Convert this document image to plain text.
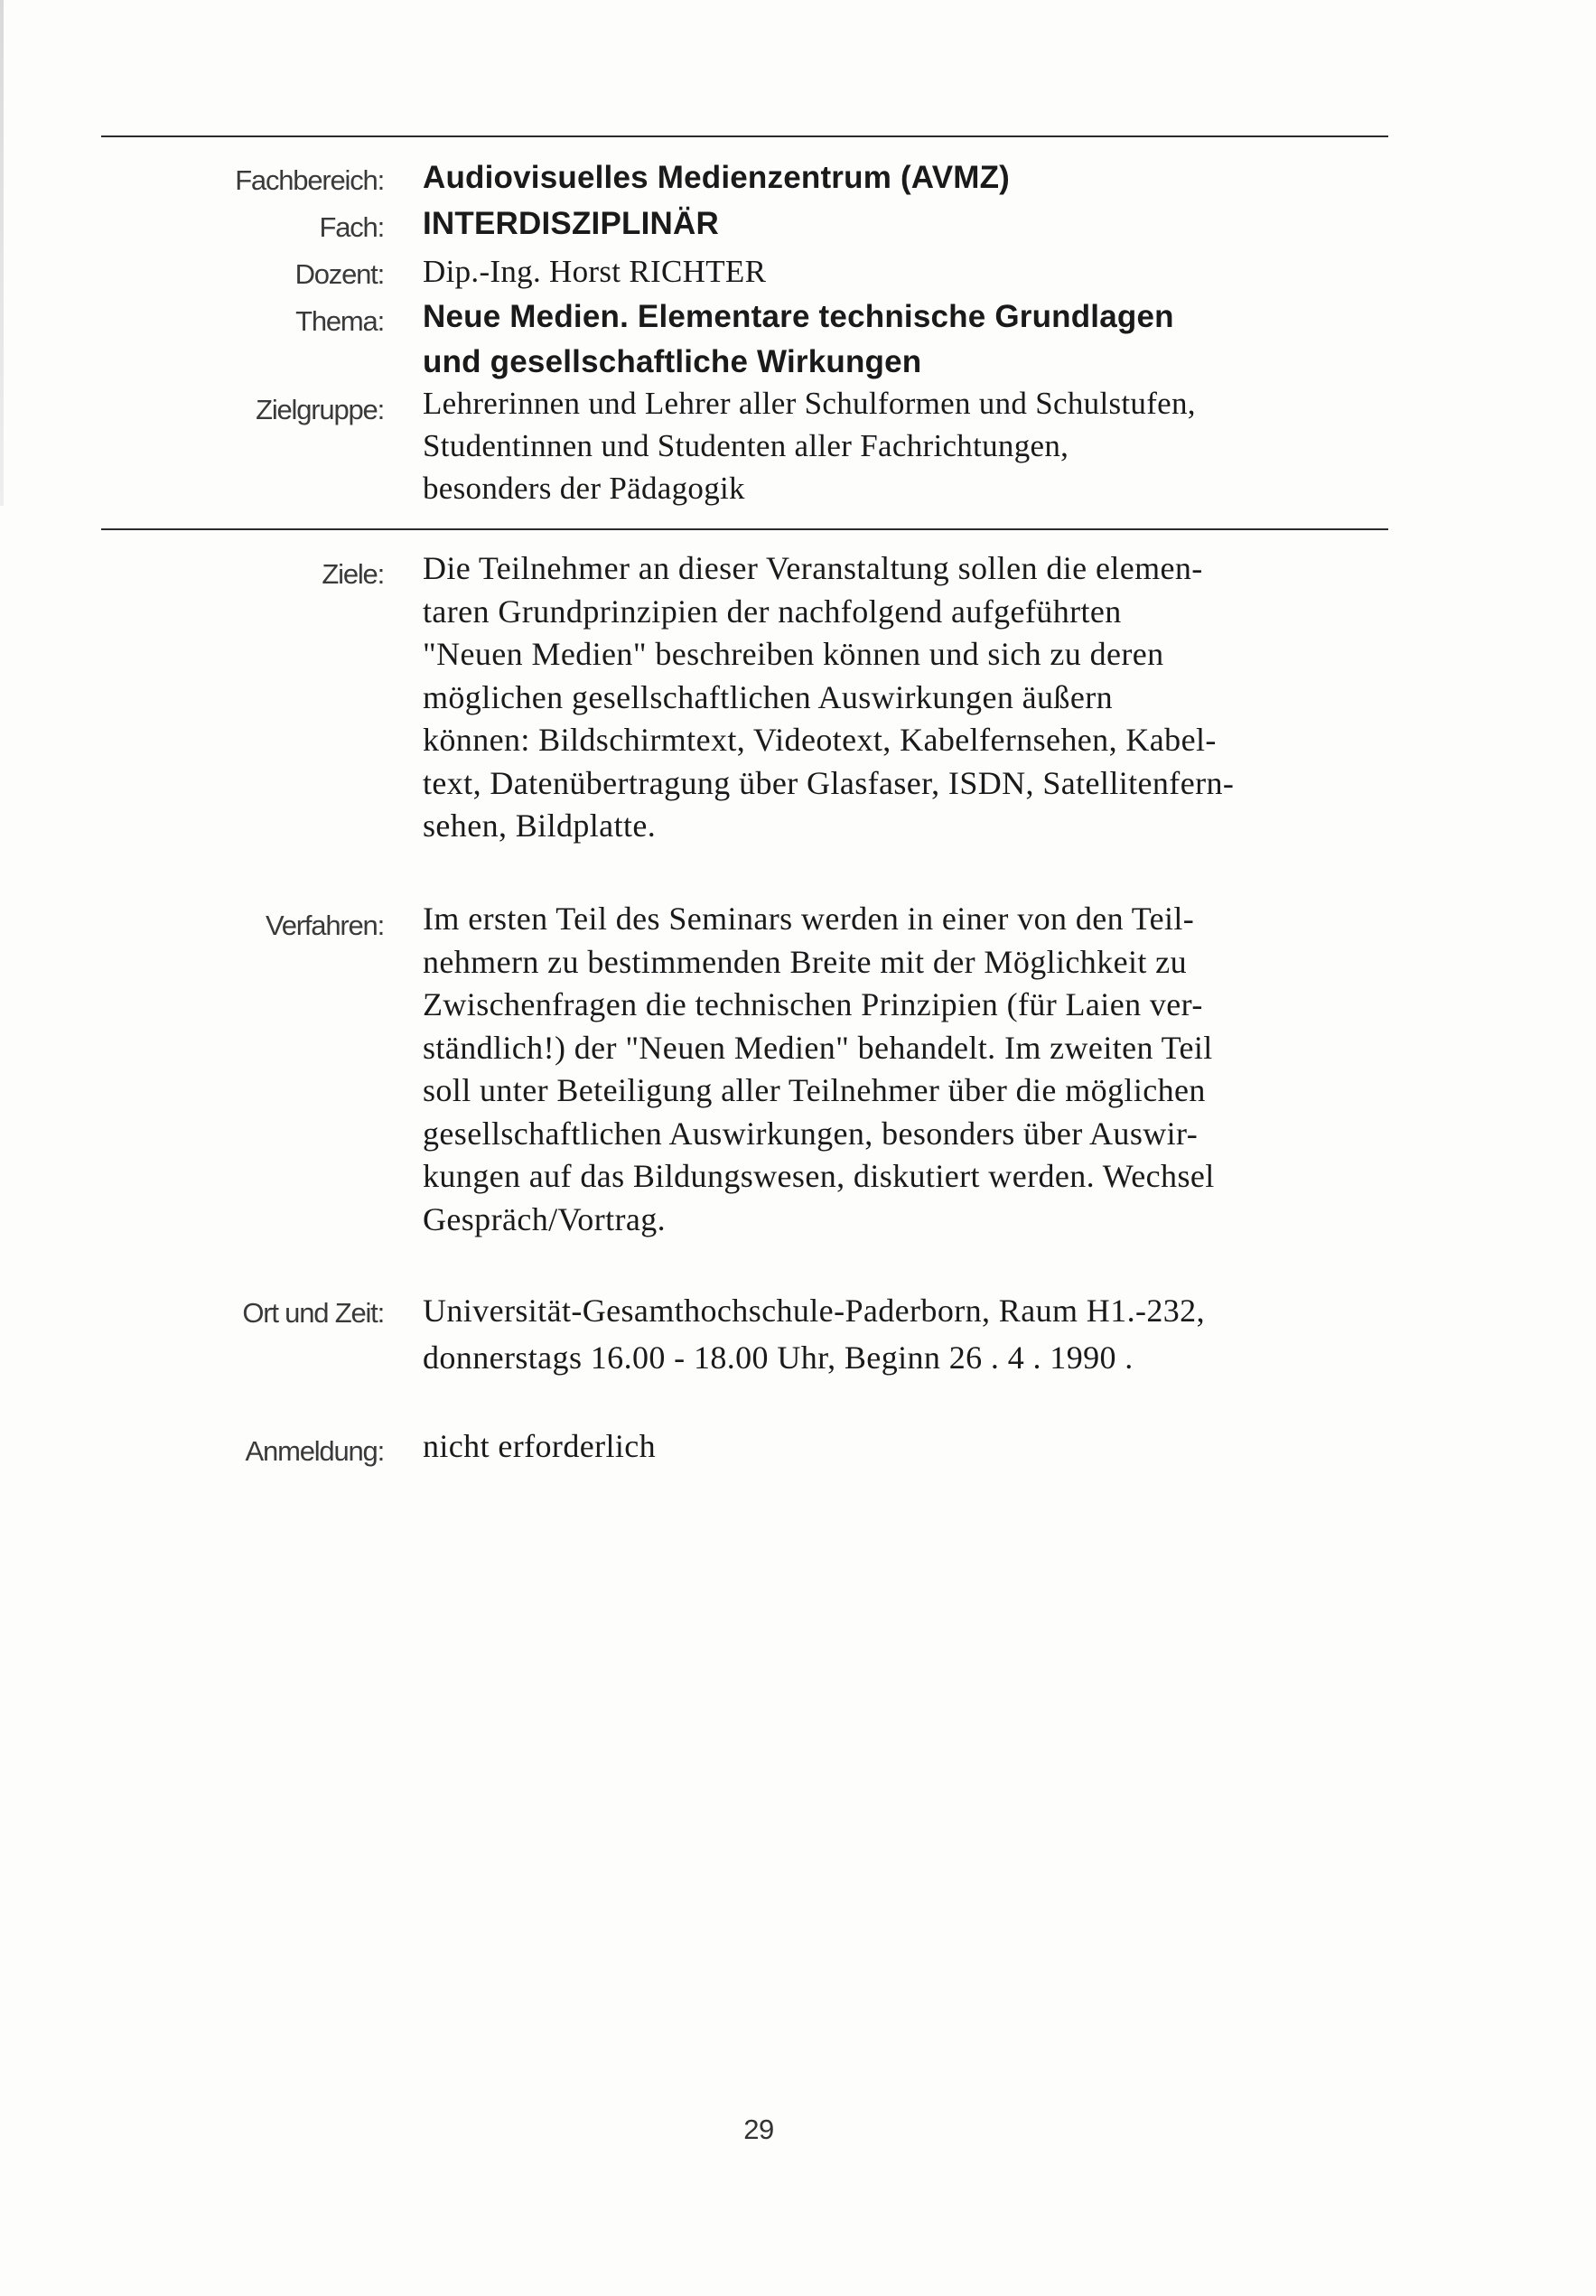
Fachbereich: Audiovisuelles Medienzentrum (AVMZ)
Fach: INTERDISZIPLINÄR
Dozent: Dip.-Ing. Horst RICHTER
Thema: Neue Medien. Elementare technische Grundlagen
und gesellschaftliche Wirkungen
Zielgruppe: Lehrerinnen und Lehrer aller Schulformen und Schulstufen,
Studentinnen und Studenten aller Fachrichtungen,
besonders der Pädagogik
Ziele: Die Teilnehmer an dieser Veranstaltung sollen die elemen-
taren Grundprinzipien der nachfolgend aufgeführten
"Neuen Medien" beschreiben können und sich zu deren
möglichen gesellschaftlichen Auswirkungen äußern
können: Bildschirmtext, Videotext, Kabelfernsehen, Kabel-
text, Datenübertragung über Glasfaser, ISDN, Satellitenfern-
sehen, Bildplatte.
Verfahren: Im ersten Teil des Seminars werden in einer von den Teil-
nehmern zu bestimmenden Breite mit der Möglichkeit zu
Zwischenfragen die technischen Prinzipien (für Laien ver-
ständlich!) der "Neuen Medien" behandelt. Im zweiten Teil
soll unter Beteiligung aller Teilnehmer über die möglichen
gesellschaftlichen Auswirkungen, besonders über Auswir-
kungen auf das Bildungswesen, diskutiert werden. Wechsel
Gespräch/Vortrag.
Ort und Zeit: Universität-Gesamthochschule-Paderborn, Raum H1.-232,
donnerstags 16.00 - 18.00 Uhr, Beginn 26 . 4 . 1990 .
Anmeldung: nicht erforderlich
29
